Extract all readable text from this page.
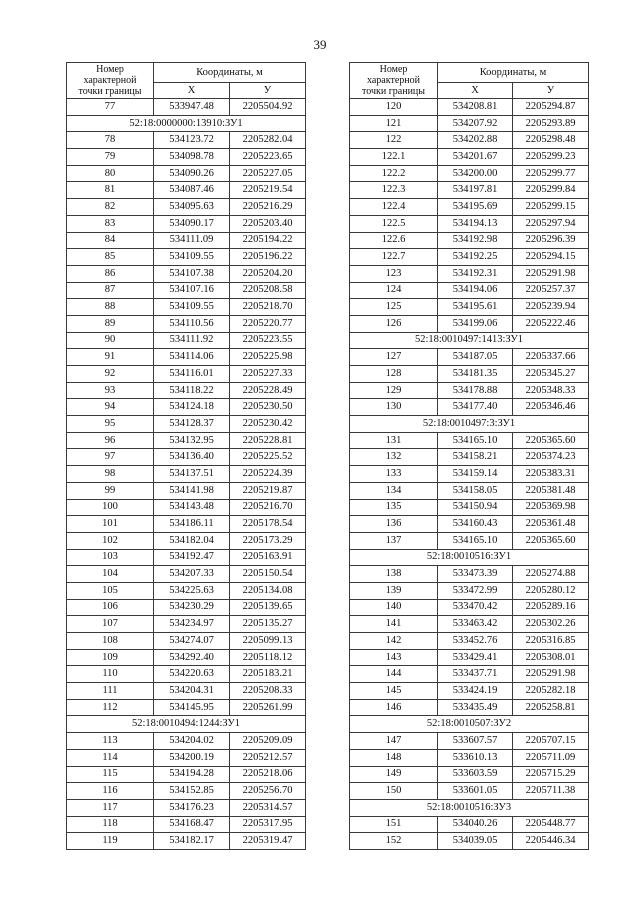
39
Номер
характерной
точки границы	Координаты, м	
	X	У
77	533947.48	2205504.92
52:18:0000000:13910:ЗУ1		
78	534123.72	2205282.04
79	534098.78	2205223.65
80	534090.26	2205227.05
81	534087.46	2205219.54
82	534095.63	2205216.29
83	534090.17	2205203.40
84	534111.09	2205194.22
85	534109.55	2205196.22
86	534107.38	2205204.20
87	534107.16	2205208.58
88	534109.55	2205218.70
89	534110.56	2205220.77
90	534111.92	2205223.55
91	534114.06	2205225.98
92	534116.01	2205227.33
93	534118.22	2205228.49
94	534124.18	2205230.50
95	534128.37	2205230.42
96	534132.95	2205228.81
97	534136.40	2205225.52
98	534137.51	2205224.39
99	534141.98	2205219.87
100	534143.48	2205216.70
101	534186.11	2205178.54
102	534182.04	2205173.29
103	534192.47	2205163.91
104	534207.33	2205150.54
105	534225.63	2205134.08
106	534230.29	2205139.65
107	534234.97	2205135.27
108	534274.07	2205099.13
109	534292.40	2205118.12
110	534220.63	2205183.21
111	534204.31	2205208.33
112	534145.95	2205261.99
52:18:0010494:1244:ЗУ1		
113	534204.02	2205209.09
114	534200.19	2205212.57
115	534194.28	2205218.06
116	534152.85	2205256.70
117	534176.23	2205314.57
118	534168.47	2205317.95
119	534182.17	2205319.47
Номер
характерной
точки границы	Координаты, м	
	X	У
120	534208.81	2205294.87
121	534207.92	2205293.89
122	534202.88	2205298.48
122.1	534201.67	2205299.23
122.2	534200.00	2205299.77
122.3	534197.81	2205299.84
122.4	534195.69	2205299.15
122.5	534194.13	2205297.94
122.6	534192.98	2205296.39
122.7	534192.25	2205294.15
123	534192.31	2205291.98
124	534194.06	2205257.37
125	534195.61	2205239.94
126	534199.06	2205222.46
52:18:0010497:1413:ЗУ1		
127	534187.05	2205337.66
128	534181.35	2205345.27
129	534178.88	2205348.33
130	534177.40	2205346.46
52:18:0010497:3:ЗУ1		
131	534165.10	2205365.60
132	534158.21	2205374.23
133	534159.14	2205383.31
134	534158.05	2205381.48
135	534150.94	2205369.98
136	534160.43	2205361.48
137	534165.10	2205365.60
52:18:0010516:ЗУ1		
138	533473.39	2205274.88
139	533472.99	2205280.12
140	533470.42	2205289.16
141	533463.42	2205302.26
142	533452.76	2205316.85
143	533429.41	2205308.01
144	533437.71	2205291.98
145	533424.19	2205282.18
146	533435.49	2205258.81
52:18:0010507:ЗУ2		
147	533607.57	2205707.15
148	533610.13	2205711.09
149	533603.59	2205715.29
150	533601.05	2205711.38
52:18:0010516:ЗУ3		
151	534040.26	2205448.77
152	534039.05	2205446.34
